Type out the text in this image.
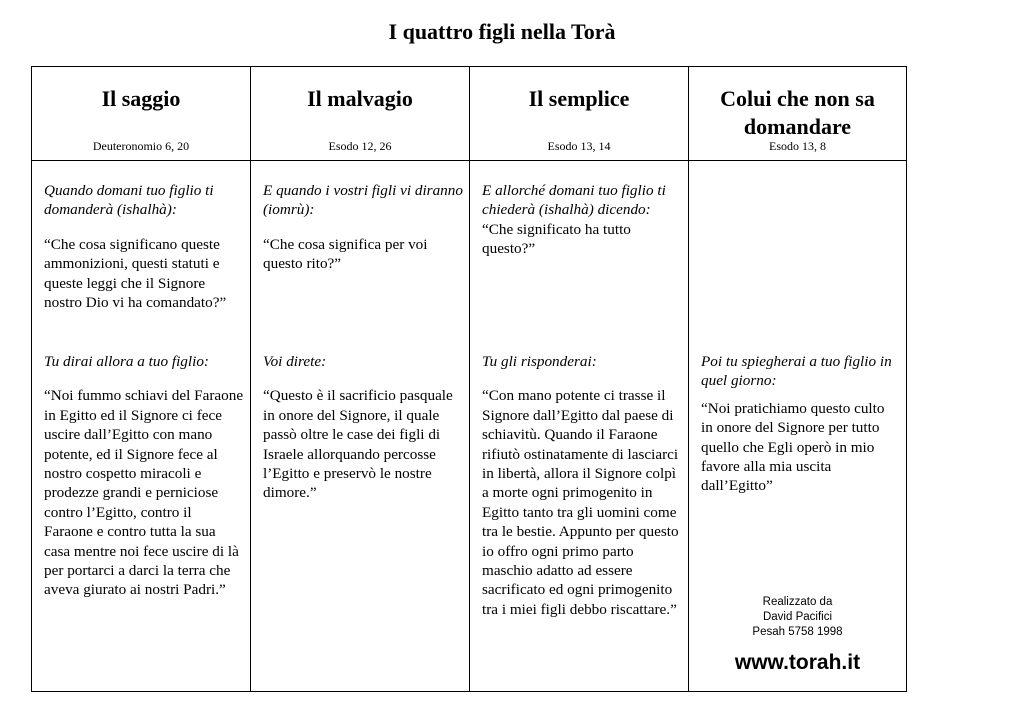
I quattro figli nella Torà
Il saggio
Deuteronomio 6, 20

Quando domani tuo figlio ti domanderà (ishalhà):

“Che cosa significano queste ammonizioni, questi statuti e queste leggi che il Signore nostro Dio vi ha comandato?”

Tu dirai allora a tuo figlio:

“Noi fummo schiavi del Faraone in Egitto ed il Signore ci fece uscire dall’Egitto con mano potente, ed il Signore fece al nostro cospetto miracoli e prodezze grandi e perniciose contro l’Egitto, contro il Faraone e contro tutta la sua casa mentre noi fece uscire di là per portarci a darci la terra che aveva giurato ai nostri Padri.”

Il malvagio
Esodo 12, 26

E quando i vostri figli vi diranno (iomrù):

“Che cosa significa per voi questo rito?”

Voi direte:

“Questo è il sacrificio pasquale in onore del Signore, il quale passò oltre le case dei figli di Israele allorquando percosse l’Egitto e preservò le nostre dimore.”

Il semplice
Esodo 13, 14

E allorché domani tuo figlio ti chiederà (ishalhà) dicendo:

“Che significato ha tutto questo?”

Tu gli risponderai:

“Con mano potente ci trasse il Signore dall’Egitto dal paese di schiavitù. Quando il Faraone rifiutò ostinatamente di lasciarci in libertà, allora il Signore colpì a morte ogni primogenito in Egitto tanto tra gli uomini come tra le bestie. Appunto per questo io offro ogni primo parto maschio adatto ad essere sacrificato ed ogni primogenito tra i miei figli debbo riscattare.”

Colui che non sa domandare
Esodo 13, 8

Poi tu spiegherai a tuo figlio in quel giorno:

“Noi pratichiamo questo culto in onore del Signore per tutto quello che Egli operò in mio favore alla mia uscita dall’Egitto”

Realizzato da
David Pacifici
Pesah 5758 1998
www.torah.it
